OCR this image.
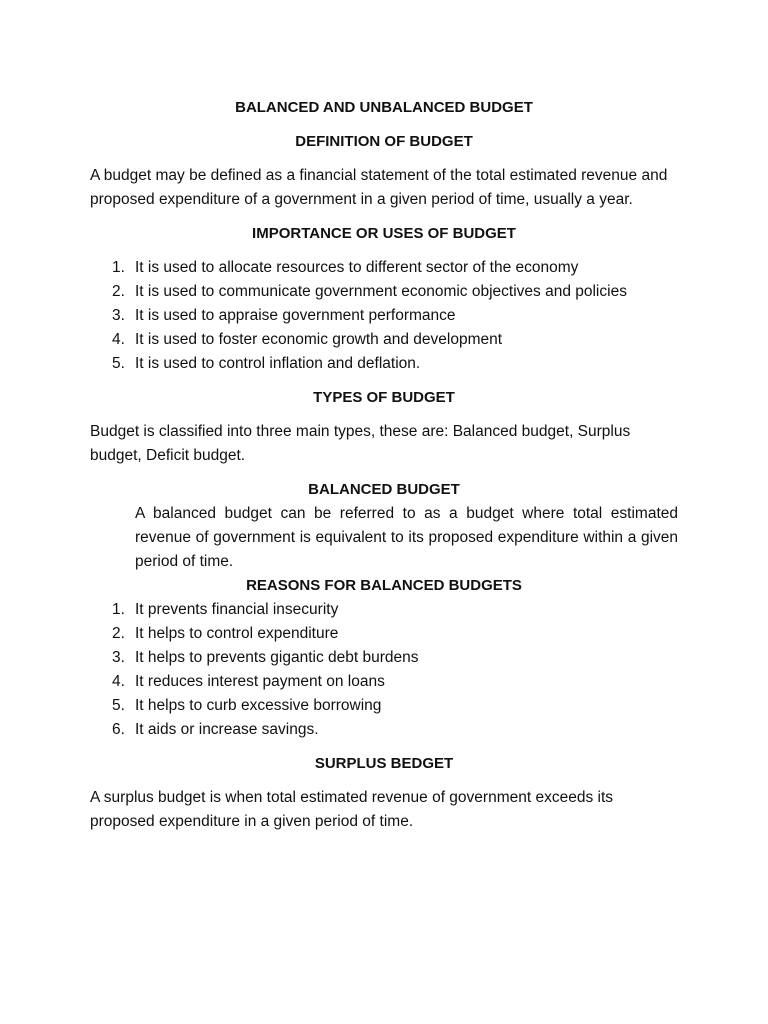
BALANCED AND UNBALANCED BUDGET
DEFINITION OF BUDGET

A budget may be defined as a financial statement of the total estimated revenue and proposed expenditure of a government in a given period of time, usually a year.

IMPORTANCE OR USES OF BUDGET
1. It is used to allocate resources to different sector of the economy
2. It is used to communicate government economic objectives and policies
3. It is used to appraise government performance
4. It is used to foster economic growth and development
5. It is used to control inflation and deflation.
TYPES OF BUDGET

Budget is classified into three main types, these are: Balanced budget, Surplus budget, Deficit budget.

BALANCED BUDGET

A balanced budget can be referred to as a budget where total estimated revenue of government is equivalent to its proposed expenditure within a given period of time.

REASONS FOR BALANCED BUDGETS
1. It prevents financial insecurity
2. It helps to control expenditure
3. It helps to prevents gigantic debt burdens
4. It reduces interest payment on loans
5. It helps to curb excessive borrowing
6. It aids or increase savings.
SURPLUS BEDGET

A surplus budget is when total estimated revenue of government exceeds its proposed expenditure in a given period of time.
